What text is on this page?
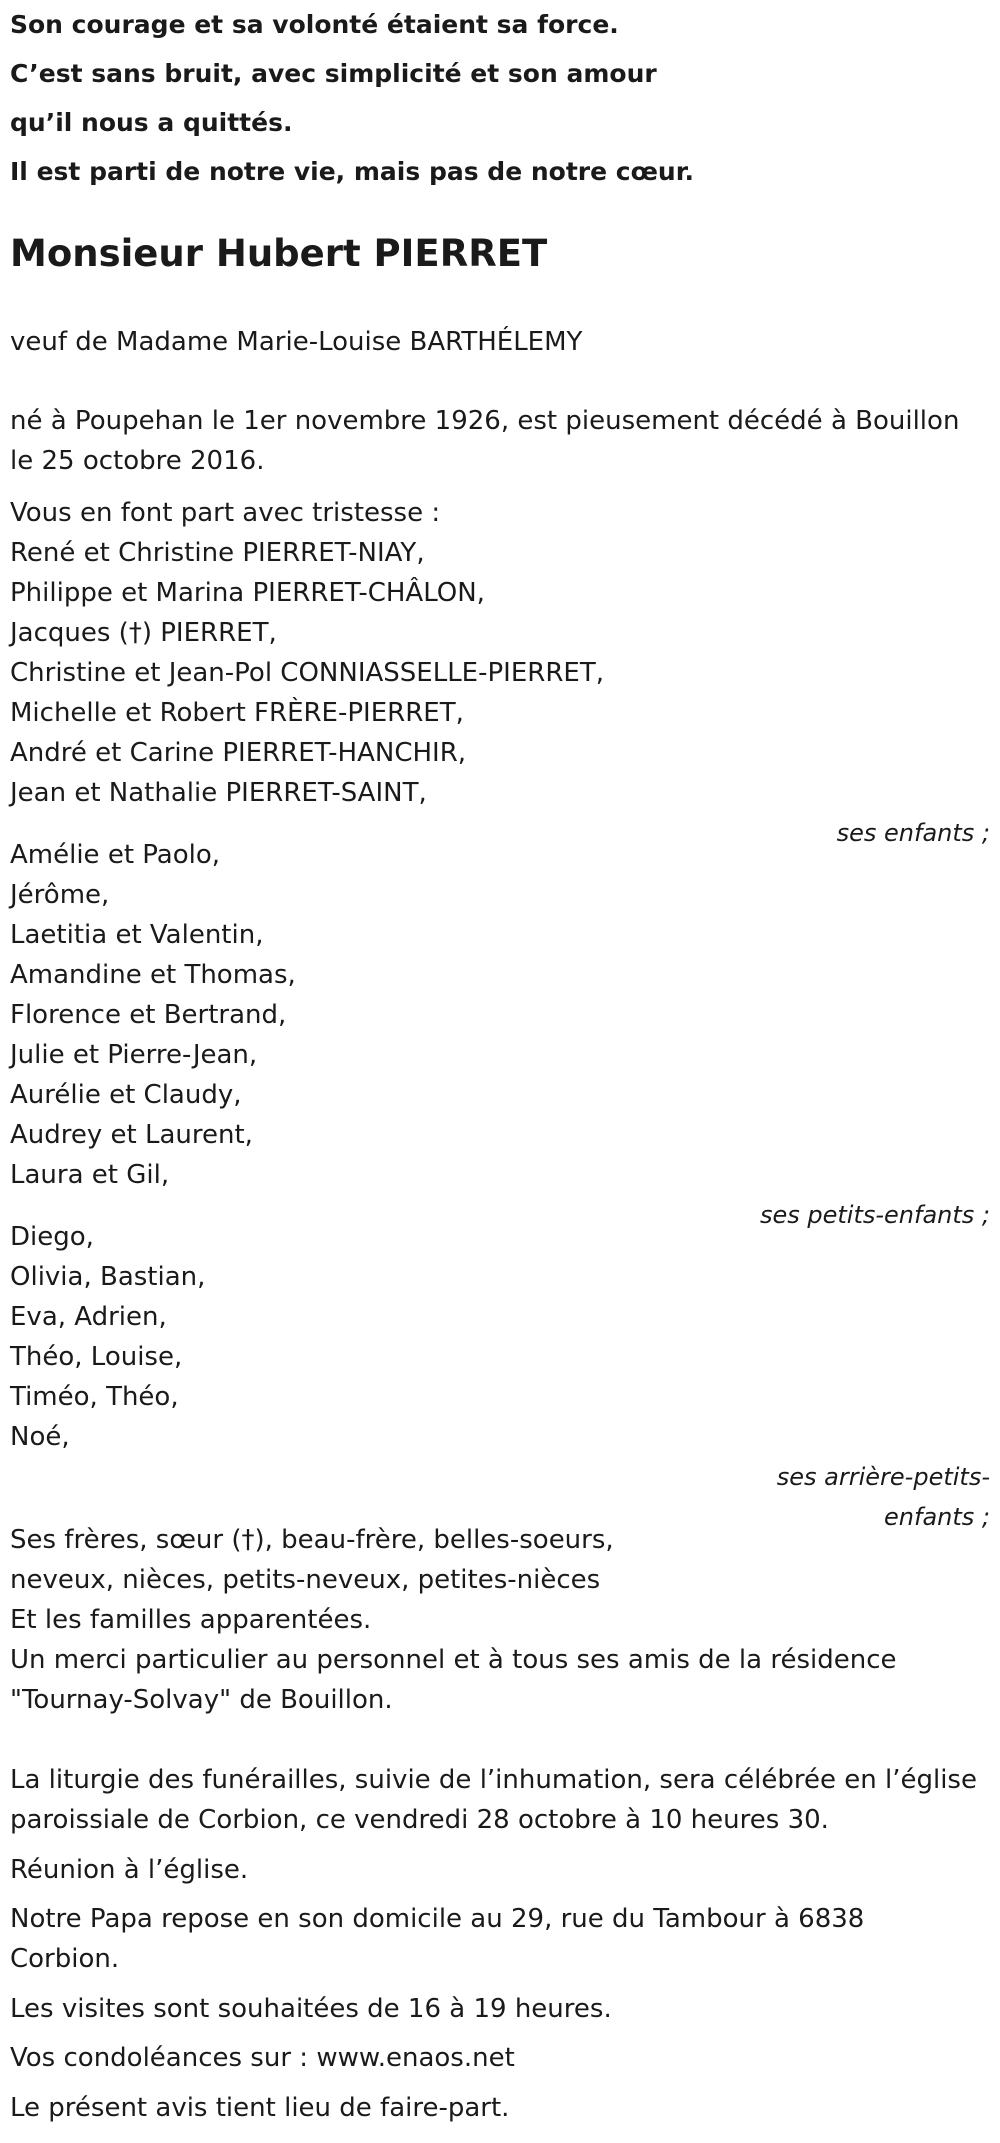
Son courage et sa volonté étaient sa force.
C’est sans bruit, avec simplicité et son amour
qu’il nous a quittés.
Il est parti de notre vie, mais pas de notre cœur.
Monsieur Hubert PIERRET
veuf de Madame Marie-Louise BARTHÉLEMY
né à Poupehan le 1er novembre 1926, est pieusement décédé à Bouillon
le 25 octobre 2016.
Vous en font part avec tristesse :
René et Christine PIERRET-NIAY,
Philippe et Marina PIERRET-CHÂLON,
Jacques (†) PIERRET,
Christine et Jean-Pol CONNIASSELLE-PIERRET,
Michelle et Robert FRÈRE-PIERRET,
André et Carine PIERRET-HANCHIR,
Jean et Nathalie PIERRET-SAINT,
ses enfants ;
Amélie et Paolo,
Jérôme,
Laetitia et Valentin,
Amandine et Thomas,
Florence et Bertrand,
Julie et Pierre-Jean,
Aurélie et Claudy,
Audrey et Laurent,
Laura et Gil,
ses petits-enfants ;
Diego,
Olivia, Bastian,
Eva, Adrien,
Théo, Louise,
Timéo, Théo,
Noé,
ses arrière-petits-
enfants ;
Ses frères, sœur (†), beau-frère, belles-soeurs,
neveux, nièces, petits-neveux, petites-nièces
Et les familles apparentées.
Un merci particulier au personnel et à tous ses amis de la résidence
"Tournay-Solvay" de Bouillon.
La liturgie des funérailles, suivie de l’inhumation, sera célébrée en l’église
paroissiale de Corbion, ce vendredi 28 octobre à 10 heures 30.
Réunion à l’église.
Notre Papa repose en son domicile au 29, rue du Tambour à 6838
Corbion.
Les visites sont souhaitées de 16 à 19 heures.
Vos condoléances sur : www.enaos.net
Le présent avis tient lieu de faire-part.
